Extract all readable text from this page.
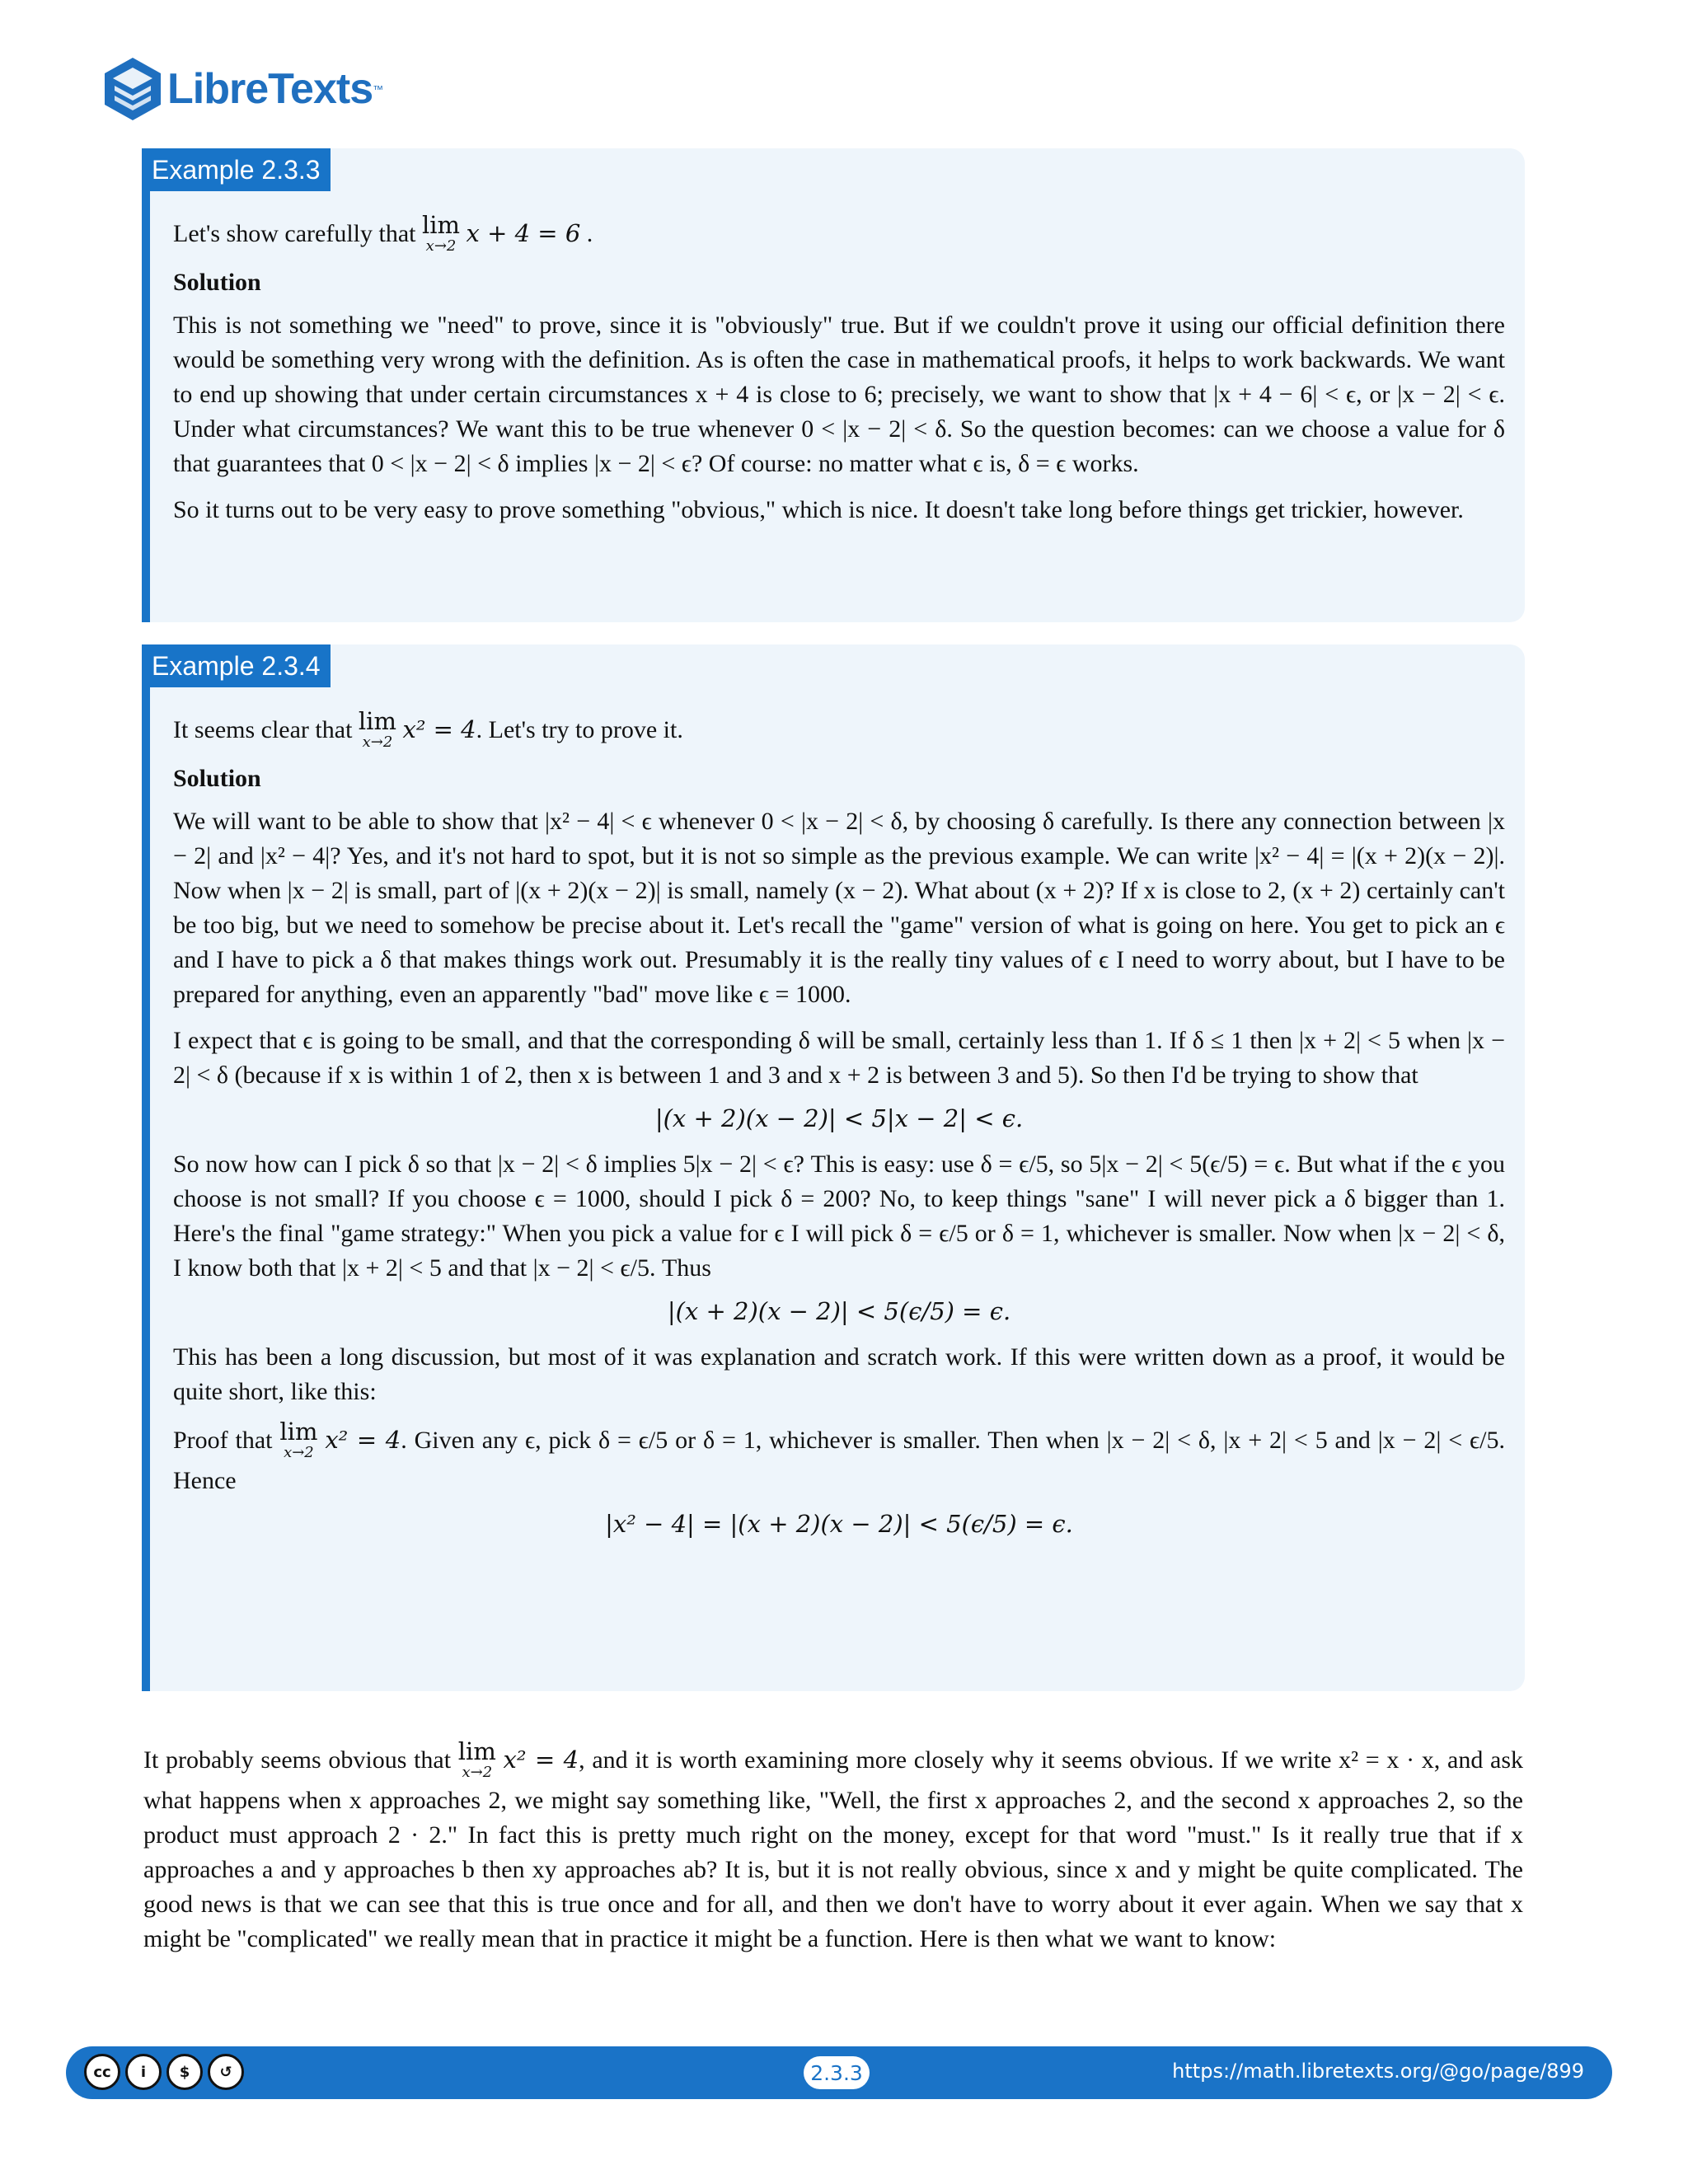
LibreTexts ™
Example 2.3.3

Let's show carefully that lim
x→2 x + 4 = 6 .

Solution

This is not something we "need" to prove, since it is "obviously" true. But if we couldn't prove it using our official definition there would be something very wrong with the definition. As is often the case in mathematical proofs, it helps to work backwards. We want to end up showing that under certain circumstances x + 4 is close to 6; precisely, we want to show that |x + 4 − 6| < ϵ, or |x − 2| < ϵ. Under what circumstances? We want this to be true whenever 0 < |x − 2| < δ. So the question becomes: can we choose a value for δ that guarantees that 0 < |x − 2| < δ implies |x − 2| < ϵ? Of course: no matter what ϵ is, δ = ϵ works.

So it turns out to be very easy to prove something "obvious," which is nice. It doesn't take long before things get trickier, however.

Example 2.3.4

It seems clear that lim
x→2 x² = 4. Let's try to prove it.

Solution

We will want to be able to show that |x² − 4| < ϵ whenever 0 < |x − 2| < δ, by choosing δ carefully. Is there any connection between |x − 2| and |x² − 4|? Yes, and it's not hard to spot, but it is not so simple as the previous example. We can write |x² − 4| = |(x + 2)(x − 2)|. Now when |x − 2| is small, part of |(x + 2)(x − 2)| is small, namely (x − 2). What about (x + 2)? If x is close to 2, (x + 2) certainly can't be too big, but we need to somehow be precise about it. Let's recall the "game" version of what is going on here. You get to pick an ϵ and I have to pick a δ that makes things work out. Presumably it is the really tiny values of ϵ I need to worry about, but I have to be prepared for anything, even an apparently "bad" move like ϵ = 1000.

I expect that ϵ is going to be small, and that the corresponding δ will be small, certainly less than 1. If δ ≤ 1 then |x + 2| < 5 when |x − 2| < δ (because if x is within 1 of 2, then x is between 1 and 3 and x + 2 is between 3 and 5). So then I'd be trying to show that

|(x + 2)(x − 2)| < 5|x − 2| < ϵ.

So now how can I pick δ so that |x − 2| < δ implies 5|x − 2| < ϵ? This is easy: use δ = ϵ/5, so 5|x − 2| < 5(ϵ/5) = ϵ. But what if the ϵ you choose is not small? If you choose ϵ = 1000, should I pick δ = 200? No, to keep things "sane" I will never pick a δ bigger than 1. Here's the final "game strategy:" When you pick a value for ϵ I will pick δ = ϵ/5 or δ = 1, whichever is smaller. Now when |x − 2| < δ, I know both that |x + 2| < 5 and that |x − 2| < ϵ/5. Thus

|(x + 2)(x − 2)| < 5(ϵ/5) = ϵ.

This has been a long discussion, but most of it was explanation and scratch work. If this were written down as a proof, it would be quite short, like this:

Proof that lim
x→2 x² = 4. Given any ϵ, pick δ = ϵ/5 or δ = 1, whichever is smaller. Then when |x − 2| < δ, |x + 2| < 5 and |x − 2| < ϵ/5. Hence

|x² − 4| = |(x + 2)(x − 2)| < 5(ϵ/5) = ϵ.

It probably seems obvious that lim
x→2 x² = 4, and it is worth examining more closely why it seems obvious. If we write x² = x · x, and ask what happens when x approaches 2, we might say something like, "Well, the first x approaches 2, and the second x approaches 2, so the product must approach 2 · 2." In fact this is pretty much right on the money, except for that word "must." Is it really true that if x approaches a and y approaches b then xy approaches ab? It is, but it is not really obvious, since x and y might be quite complicated. The good news is that we can see that this is true once and for all, and then we don't have to worry about it ever again. When we say that x might be "complicated" we really mean that in practice it might be a function. Here is then what we want to know:

cc	i	$	↺	2.3.3	https://math.libretexts.org/@go/page/899
